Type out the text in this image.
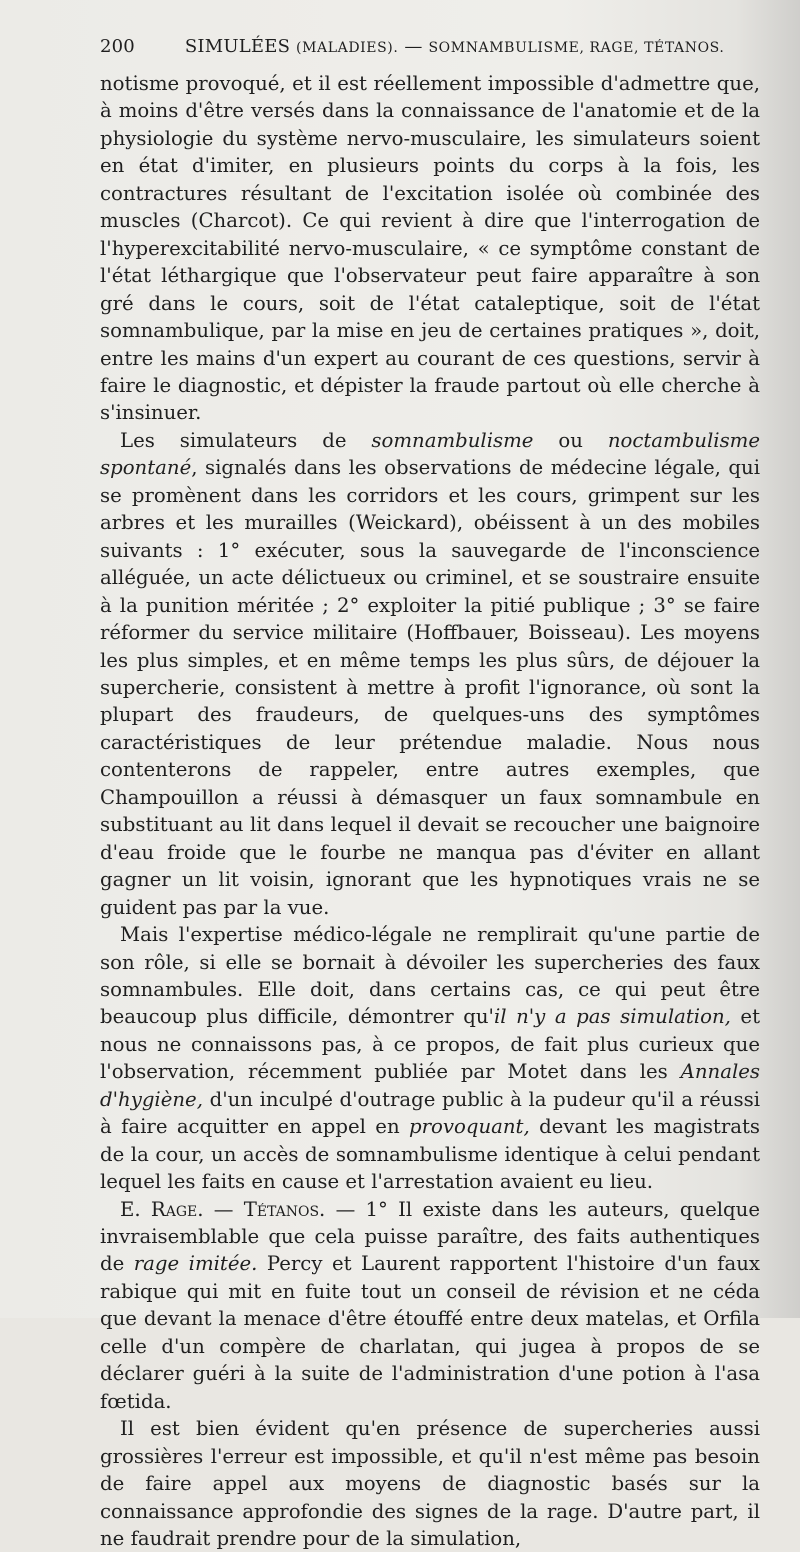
200	SIMULÉES (MALADIES). — SOMNAMBULISME, RAGE, TÉTANOS.

notisme provoqué, et il est réellement impossible d'admettre que, à moins d'être versés dans la connaissance de l'anatomie et de la physiologie du système nervo-musculaire, les simulateurs soient en état d'imiter, en plusieurs points du corps à la fois, les contractures résultant de l'excitation isolée où combinée des muscles (Charcot). Ce qui revient à dire que l'interrogation de l'hyperexcitabilité nervo-musculaire, « ce symptôme constant de l'état léthargique que l'observateur peut faire apparaître à son gré dans le cours, soit de l'état cataleptique, soit de l'état somnambulique, par la mise en jeu de certaines pratiques », doit, entre les mains d'un expert au courant de ces questions, servir à faire le diagnostic, et dépister la fraude partout où elle cherche à s'insinuer.

Les simulateurs de somnambulisme ou noctambulisme spontané, signalés dans les observations de médecine légale, qui se promènent dans les corridors et les cours, grimpent sur les arbres et les murailles (Weickard), obéissent à un des mobiles suivants : 1° exécuter, sous la sauvegarde de l'inconscience alléguée, un acte délictueux ou criminel, et se soustraire ensuite à la punition méritée ; 2° exploiter la pitié publique ; 3° se faire réformer du service militaire (Hoffbauer, Boisseau). Les moyens les plus simples, et en même temps les plus sûrs, de déjouer la supercherie, consistent à mettre à profit l'ignorance, où sont la plupart des fraudeurs, de quelques-uns des symptômes caractéristiques de leur prétendue maladie. Nous nous contenterons de rappeler, entre autres exemples, que Champouillon a réussi à démasquer un faux somnambule en substituant au lit dans lequel il devait se recoucher une baignoire d'eau froide que le fourbe ne manqua pas d'éviter en allant gagner un lit voisin, ignorant que les hypnotiques vrais ne se guident pas par la vue.

Mais l'expertise médico-légale ne remplirait qu'une partie de son rôle, si elle se bornait à dévoiler les supercheries des faux somnambules. Elle doit, dans certains cas, ce qui peut être beaucoup plus difficile, démontrer qu'il n'y a pas simulation, et nous ne connaissons pas, à ce propos, de fait plus curieux que l'observation, récemment publiée par Motet dans les Annales d'hygiène, d'un inculpé d'outrage public à la pudeur qu'il a réussi à faire acquitter en appel en provoquant, devant les magistrats de la cour, un accès de somnambulisme identique à celui pendant lequel les faits en cause et l'arrestation avaient eu lieu.

E. Rage. — Tétanos. — 1° Il existe dans les auteurs, quelque invraisemblable que cela puisse paraître, des faits authentiques de rage imitée. Percy et Laurent rapportent l'histoire d'un faux rabique qui mit en fuite tout un conseil de révision et ne céda que devant la menace d'être étouffé entre deux matelas, et Orfila celle d'un compère de charlatan, qui jugea à propos de se déclarer guéri à la suite de l'administration d'une potion à l'asa fœtida.

Il est bien évident qu'en présence de supercheries aussi grossières l'erreur est impossible, et qu'il n'est même pas besoin de faire appel aux moyens de diagnostic basés sur la connaissance approfondie des signes de la rage. D'autre part, il ne faudrait prendre pour de la simulation,
